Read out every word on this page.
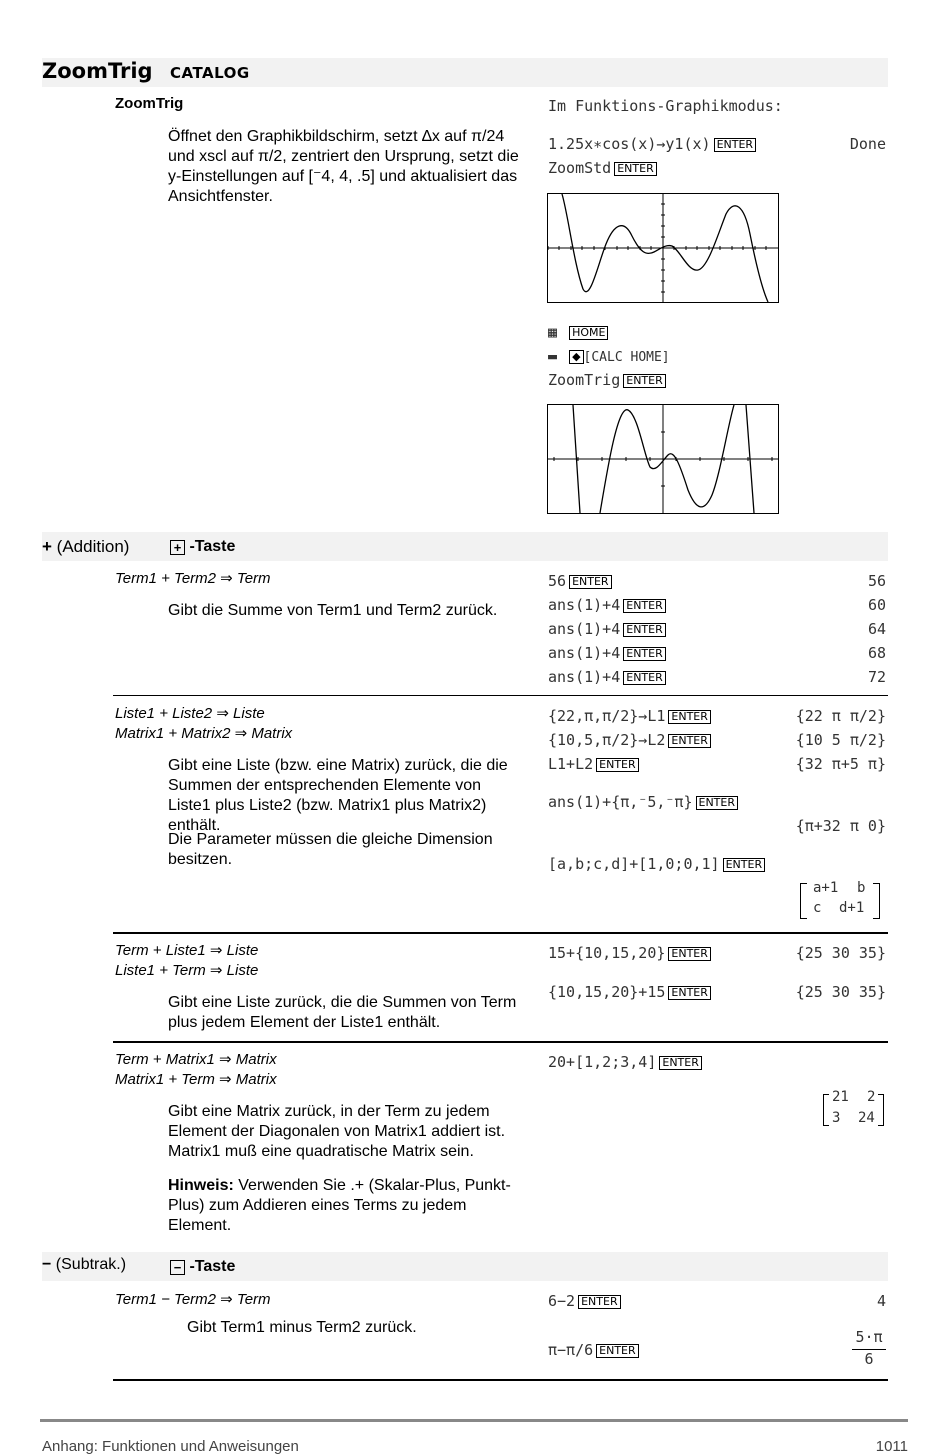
ZoomTrig CATALOG
ZoomTrig
Öffnet den Graphikbildschirm, setzt ∆x auf π/24 und xscl auf π/2, zentriert den Ursprung, setzt die y-Einstellungen auf [⁻4, 4, .5] und aktualisiert das Ansichtfenster.
Im Funktions-Graphikmodus:
1.25x∗cos(x)→y1(x) ENTER	Done
ZoomStd ENTER
▦ HOME
▬ ◆ [CALC HOME]
ZoomTrig ENTER
+ (Addition)	+ -Taste
Term1 + Term2 ⇒ Term
Gibt die Summe von Term1 und Term2 zurück.
56 ENTER	56
ans(1)+4 ENTER	60
ans(1)+4 ENTER	64
ans(1)+4 ENTER	68
ans(1)+4 ENTER	72
Liste1 + Liste2 ⇒ Liste
Matrix1 + Matrix2 ⇒ Matrix
Gibt eine Liste (bzw. eine Matrix) zurück, die die Summen der entsprechenden Elemente von Liste1 plus Liste2 (bzw. Matrix1 plus Matrix2) enthält.
Die Parameter müssen die gleiche Dimension besitzen.
{22,π,π/2}→L1 ENTER	{22 π π/2}
{10,5,π/2}→L2 ENTER	{10 5 π/2}
L1+L2 ENTER	{32 π+5 π}
ans(1)+{π,⁻5,⁻π} ENTER
{π+32 π 0}
[a,b;c,d]+[1,0;0,1] ENTER
a+1 b
c d+1
Term + Liste1 ⇒ Liste
Liste1 + Term ⇒ Liste
Gibt eine Liste zurück, die die Summen von Term plus jedem Element der Liste1 enthält.
15+{10,15,20} ENTER	{25 30 35}
{10,15,20}+15 ENTER	{25 30 35}
Term + Matrix1 ⇒ Matrix
Matrix1 + Term ⇒ Matrix
Gibt eine Matrix zurück, in der Term zu jedem Element der Diagonalen von Matrix1 addiert ist. Matrix1 muß eine quadratische Matrix sein.
Hinweis: Verwenden Sie .+ (Skalar-Plus, Punkt-Plus) zum Addieren eines Terms zu jedem Element.
20+[1,2;3,4] ENTER
21 2
3 24
− (Subtrak.)	− -Taste
Term1 − Term2 ⇒ Term
Gibt Term1 minus Term2 zurück.
6−2 ENTER	4
π−π/6 ENTER
5⋅π
6
Anhang: Funktionen und Anweisungen	1011
